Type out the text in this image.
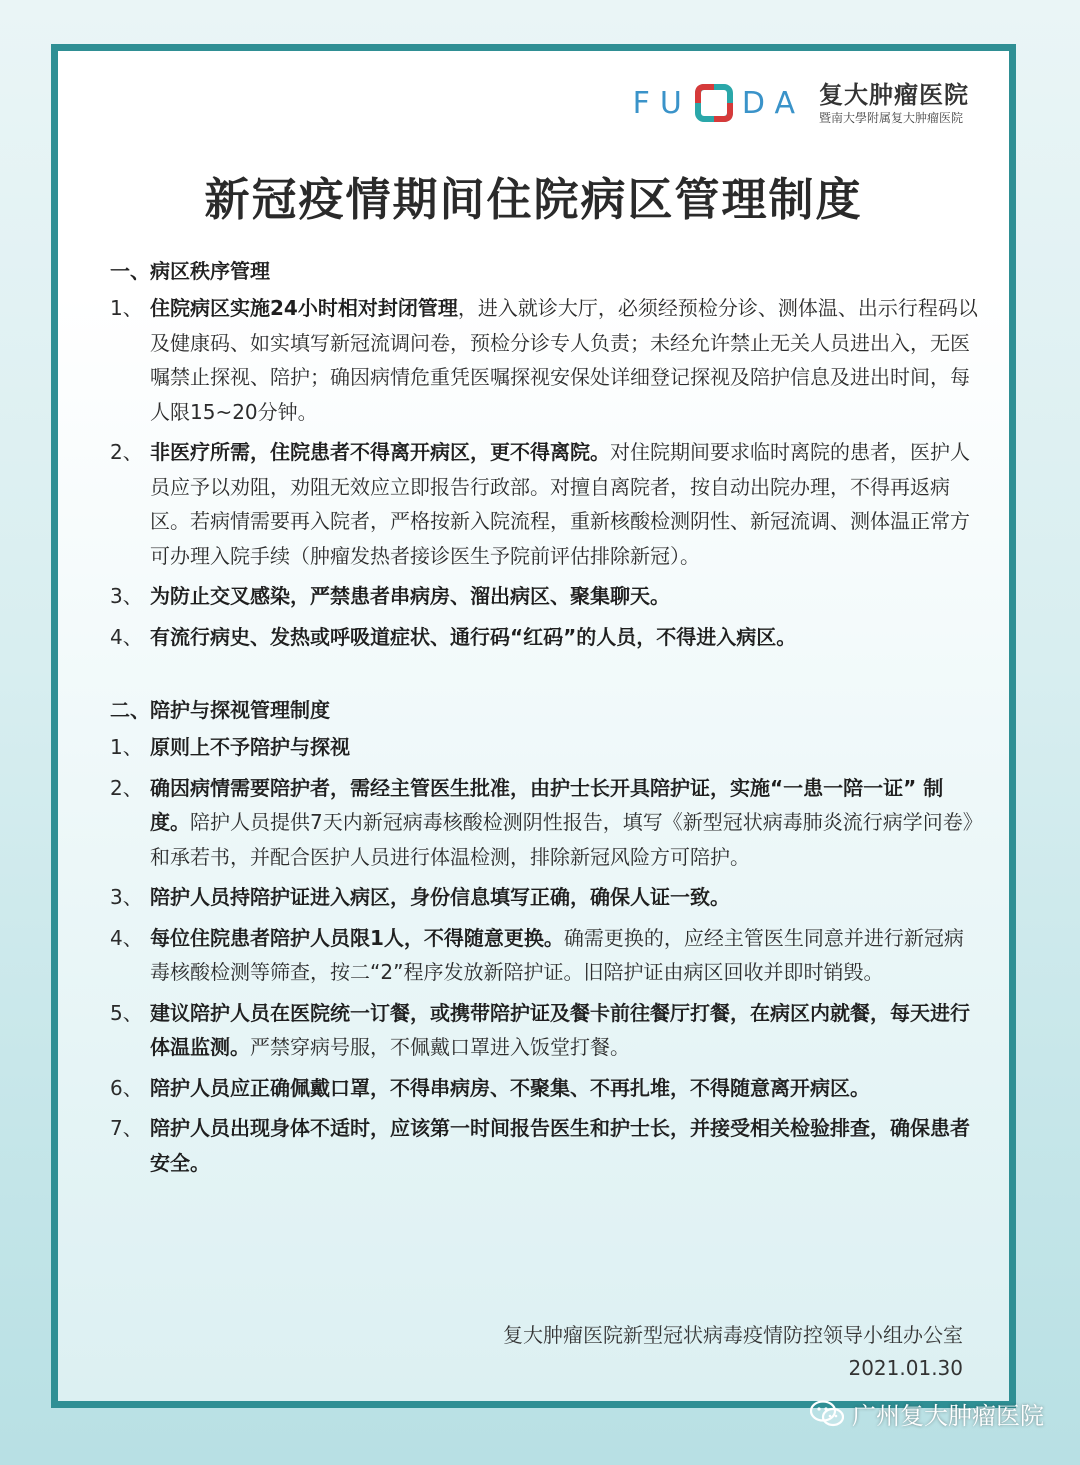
FU DA 复大肿瘤医院
暨南大學附属复大肿瘤医院
新冠疫情期间住院病区管理制度
一、病区秩序管理
1、 住院病区实施24小时相对封闭管理，进入就诊大厅，必须经预检分诊、测体温、出示行程码以及健康码、如实填写新冠流调问卷，预检分诊专人负责；未经允许禁止无关人员进出入，无医嘱禁止探视、陪护；确因病情危重凭医嘱探视安保处详细登记探视及陪护信息及进出时间，每人限15~20分钟。
2、 非医疗所需，住院患者不得离开病区，更不得离院。对住院期间要求临时离院的患者，医护人员应予以劝阻，劝阻无效应立即报告行政部。对擅自离院者，按自动出院办理，不得再返病区。若病情需要再入院者，严格按新入院流程，重新核酸检测阴性、新冠流调、测体温正常方可办理入院手续（肿瘤发热者接诊医生予院前评估排除新冠）。
3、 为防止交叉感染，严禁患者串病房、溜出病区、聚集聊天。
4、 有流行病史、发热或呼吸道症状、通行码“红码”的人员，不得进入病区。
二、陪护与探视管理制度
1、 原则上不予陪护与探视
2、 确因病情需要陪护者，需经主管医生批准，由护士长开具陪护证，实施“一患一陪一证” 制度。陪护人员提供7天内新冠病毒核酸检测阴性报告，填写《新型冠状病毒肺炎流行病学问卷》和承若书，并配合医护人员进行体温检测，排除新冠风险方可陪护。
3、 陪护人员持陪护证进入病区，身份信息填写正确，确保人证一致。
4、 每位住院患者陪护人员限1人，不得随意更换。确需更换的，应经主管医生同意并进行新冠病毒核酸检测等筛查，按二“2”程序发放新陪护证。旧陪护证由病区回收并即时销毁。
5、 建议陪护人员在医院统一订餐，或携带陪护证及餐卡前往餐厅打餐，在病区内就餐，每天进行体温监测。严禁穿病号服，不佩戴口罩进入饭堂打餐。
6、 陪护人员应正确佩戴口罩，不得串病房、不聚集、不再扎堆，不得随意离开病区。
7、 陪护人员出现身体不适时，应该第一时间报告医生和护士长，并接受相关检验排查，确保患者安全。
复大肿瘤医院新型冠状病毒疫情防控领导小组办公室
2021.01.30
广州复大肿瘤医院
